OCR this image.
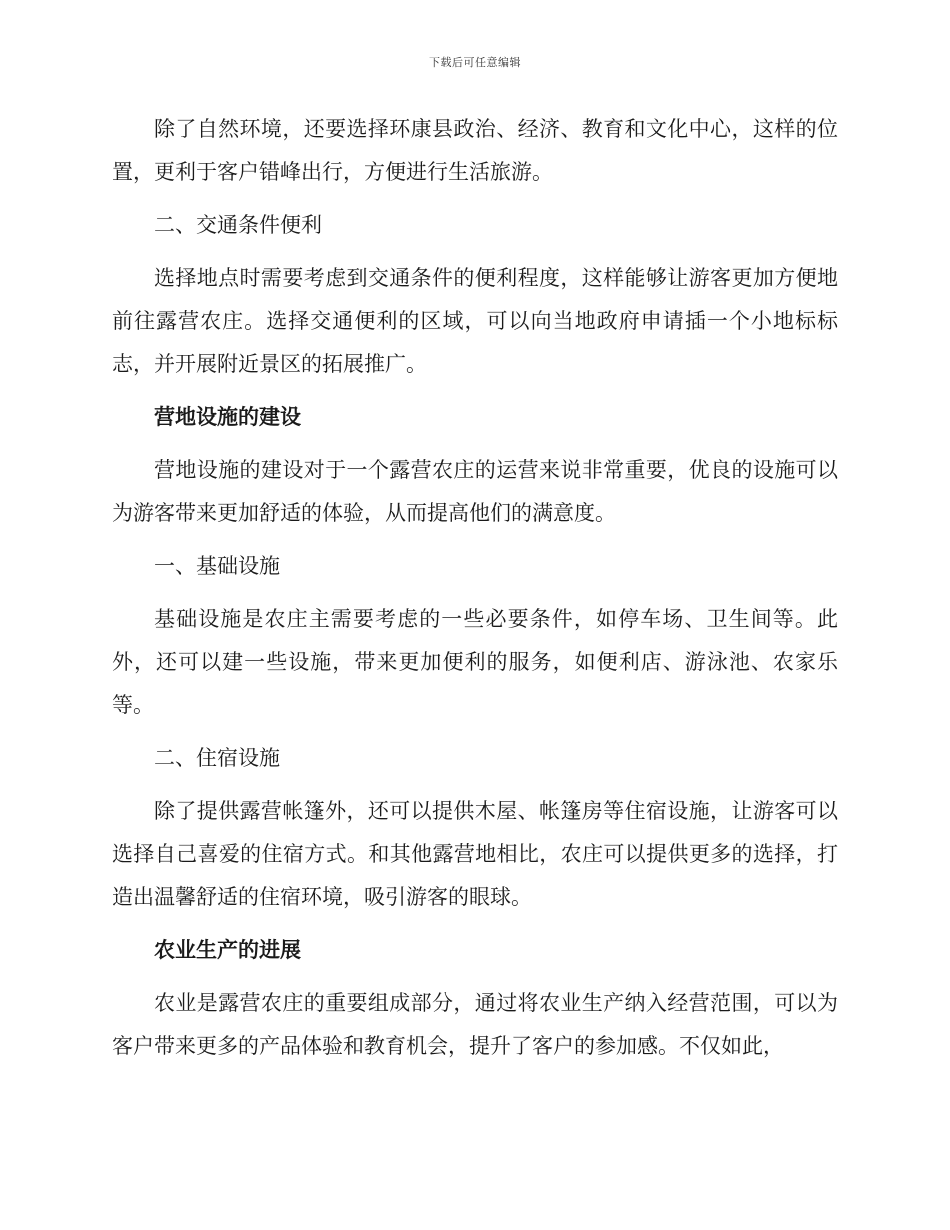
下载后可任意编辑

除了自然环境，还要选择环康县政治、经济、教育和文化中心，这样的位置，更利于客户错峰出行，方便进行生活旅游。

二、交通条件便利

选择地点时需要考虑到交通条件的便利程度，这样能够让游客更加方便地前往露营农庄。选择交通便利的区域，可以向当地政府申请插一个小地标标志，并开展附近景区的拓展推广。

营地设施的建设

营地设施的建设对于一个露营农庄的运营来说非常重要，优良的设施可以为游客带来更加舒适的体验，从而提高他们的满意度。

一、基础设施

基础设施是农庄主需要考虑的一些必要条件，如停车场、卫生间等。此外，还可以建一些设施，带来更加便利的服务，如便利店、游泳池、农家乐等。

二、住宿设施

除了提供露营帐篷外，还可以提供木屋、帐篷房等住宿设施，让游客可以选择自己喜爱的住宿方式。和其他露营地相比，农庄可以提供更多的选择，打造出温馨舒适的住宿环境，吸引游客的眼球。

农业生产的进展

农业是露营农庄的重要组成部分，通过将农业生产纳入经营范围，可以为客户带来更多的产品体验和教育机会，提升了客户的参加感。不仅如此，
